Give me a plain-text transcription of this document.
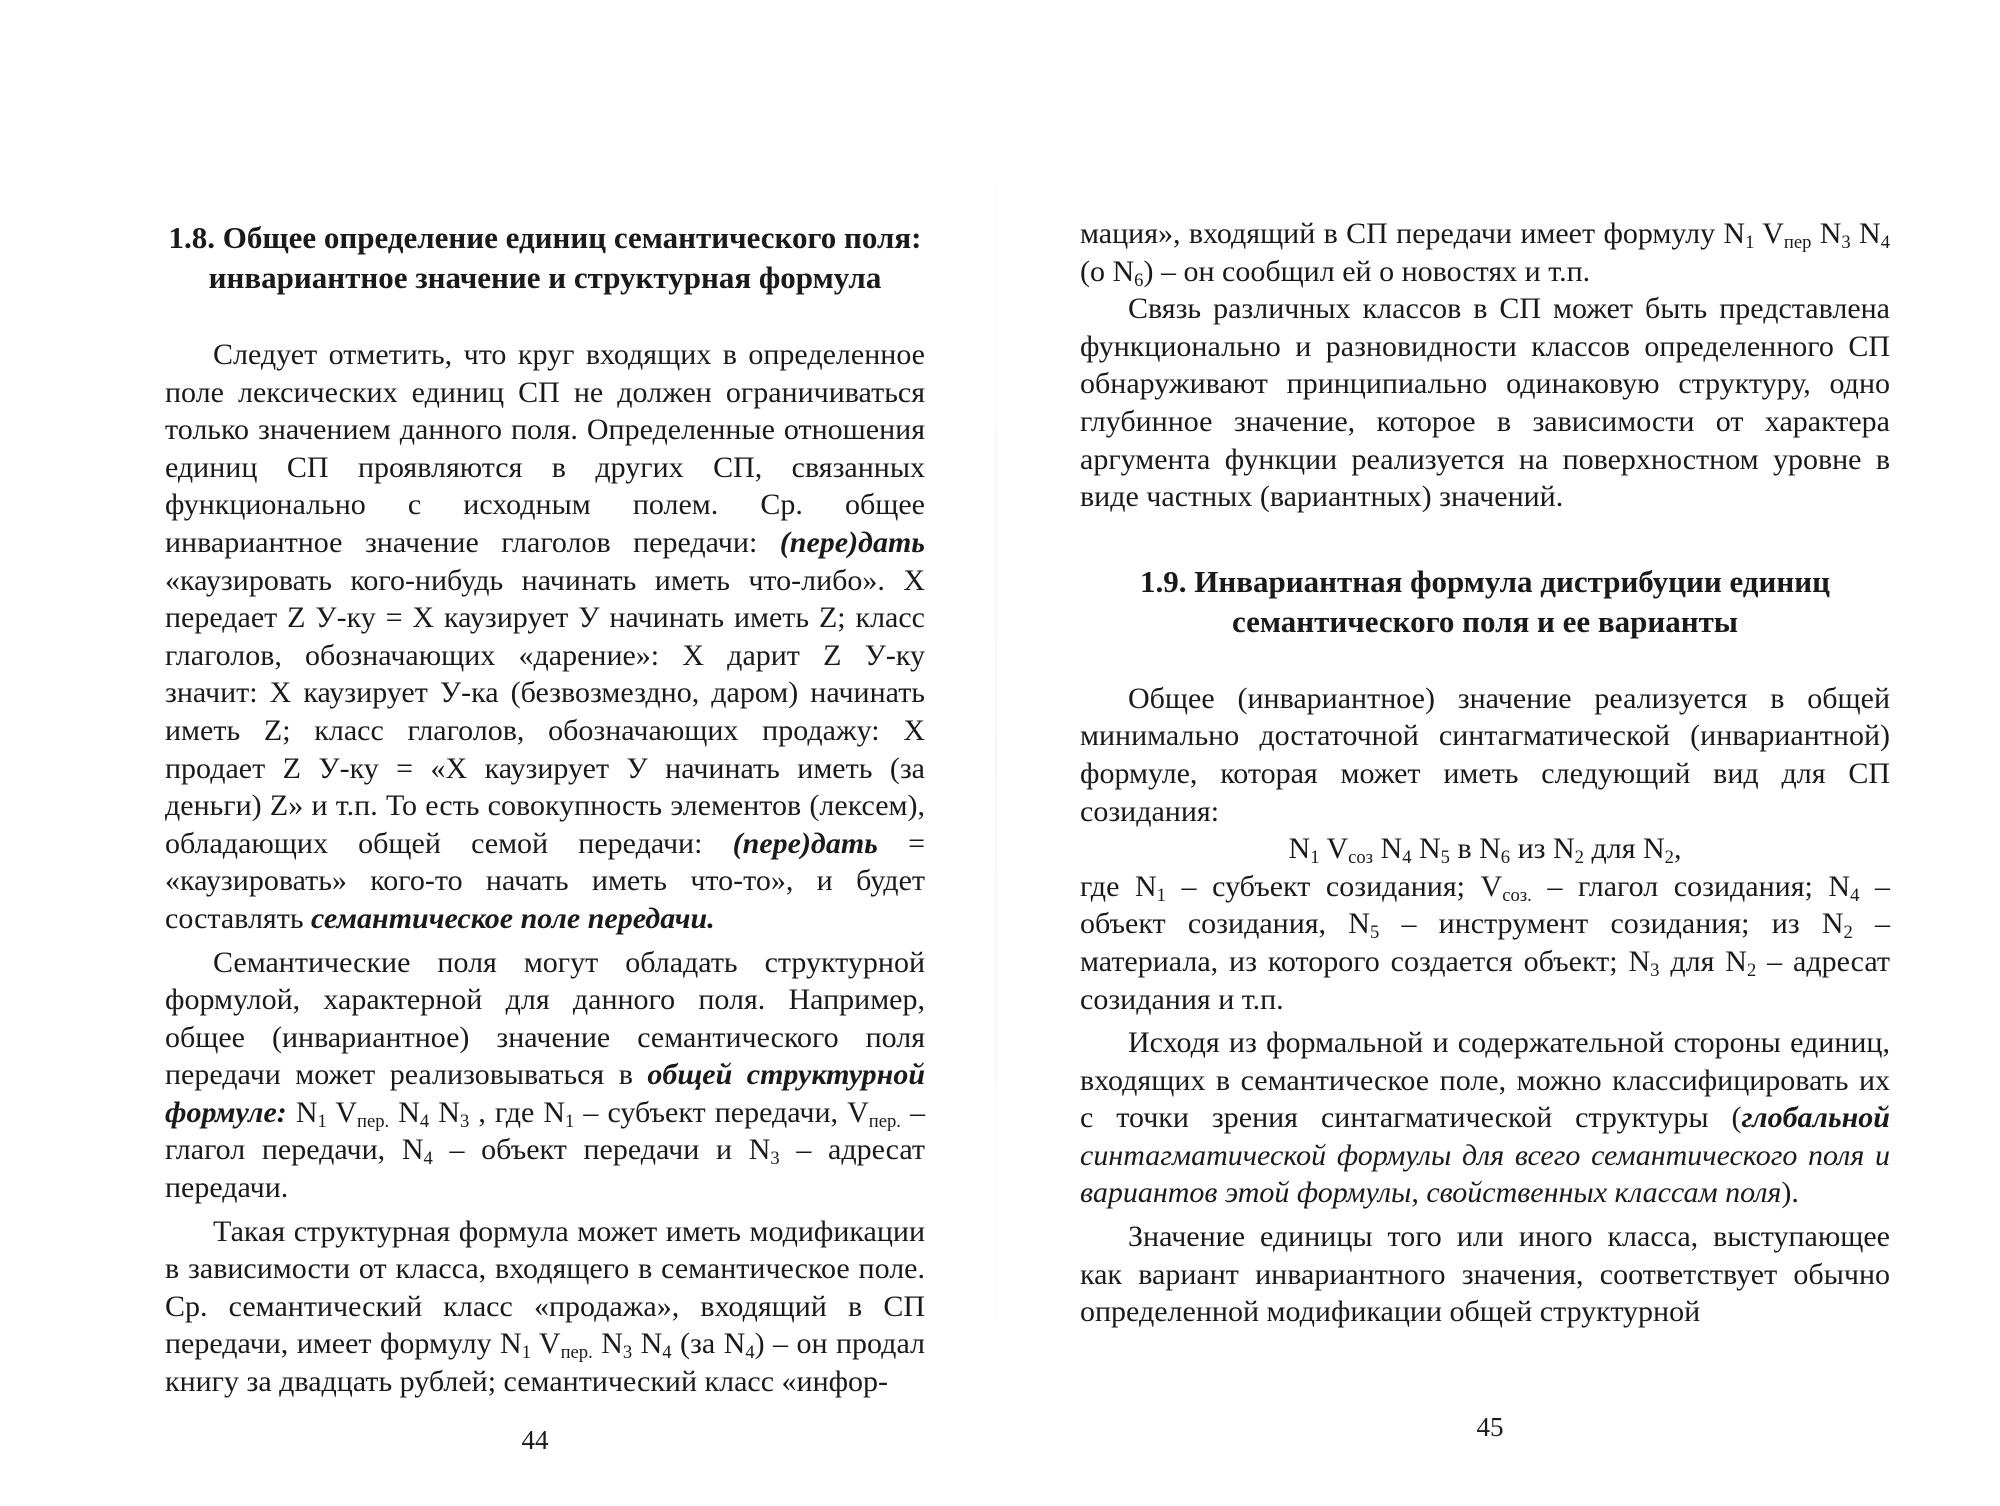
1.8. Общее определение единиц семантического поля:
инвариантное значение и структурная формула

Следует отметить, что круг входящих в определенное поле лексических единиц СП не должен ограничиваться только значением данного поля. Определенные отношения единиц СП проявляются в других СП, связанных функционально с исходным полем. Ср. общее инвариантное значение глаголов передачи: (пере)дать «каузировать кого-нибудь начинать иметь что-либо». X передает Z У-ку = X каузирует У начинать иметь Z; класс глаголов, обозначающих «дарение»: X дарит Z У-ку значит: X каузирует У-ка (безвозмездно, даром) начинать иметь Z; класс глаголов, обозначающих продажу: X продает Z У-ку = «X каузирует У начинать иметь (за деньги) Z» и т.п. То есть совокупность элементов (лексем), обладающих общей семой передачи: (пере)дать = «каузировать» кого-то начать иметь что-то», и будет составлять семантическое поле передачи.

Семантические поля могут обладать структурной формулой, характерной для данного поля. Например, общее (инвариантное) значение семантического поля передачи может реализовываться в общей структурной формуле: $N_1$ $V_{пер.}$ $N_4$ $N_3$ , где $N_1$ – субъект передачи, $V_{пер.}$ – глагол передачи, $N_4$ – объект передачи и $N_3$ – адресат передачи.

Такая структурная формула может иметь модификации в зависимости от класса, входящего в семантическое поле. Ср. семантический класс «продажа», входящий в СП передачи, имеет формулу $N_1$ $V_{пер.}$ $N_3$ $N_4$ (за $N_4$) – он продал книгу за двадцать рублей; семантический класс «инфор-

44

мация», входящий в СП передачи имеет формулу $N_1$ $V_{пер}$ $N_3$ $N_4$ (о $N_6$) – он сообщил ей о новостях и т.п.

Связь различных классов в СП может быть представлена функционально и разновидности классов определенного СП обнаруживают принципиально одинаковую структуру, одно глубинное значение, которое в зависимости от характера аргумента функции реализуется на поверхностном уровне в виде частных (вариантных) значений.

1.9. Инвариантная формула дистрибуции единиц
семантического поля и ее варианты

Общее (инвариантное) значение реализуется в общей минимально достаточной синтагматической (инвариантной) формуле, которая может иметь следующий вид для СП созидания:

$N_1$ $V_{соз}$ $N_4$ $N_5$ в $N_6$ из $N_2$ для $N_2$,

где $N_1$ – субъект созидания; $V_{соз.}$ – глагол созидания; $N_4$ – объект созидания, $N_5$ – инструмент созидания; из $N_2$ – материала, из которого создается объект; $N_3$ для $N_2$ – адресат созидания и т.п.

Исходя из формальной и содержательной стороны единиц, входящих в семантическое поле, можно классифицировать их с точки зрения синтагматической структуры (глобальной синтагматической формулы для всего семантического поля и вариантов этой формулы, свойственных классам поля).

Значение единицы того или иного класса, выступающее как вариант инвариантного значения, соответствует обычно определенной модификации общей структурной

45
